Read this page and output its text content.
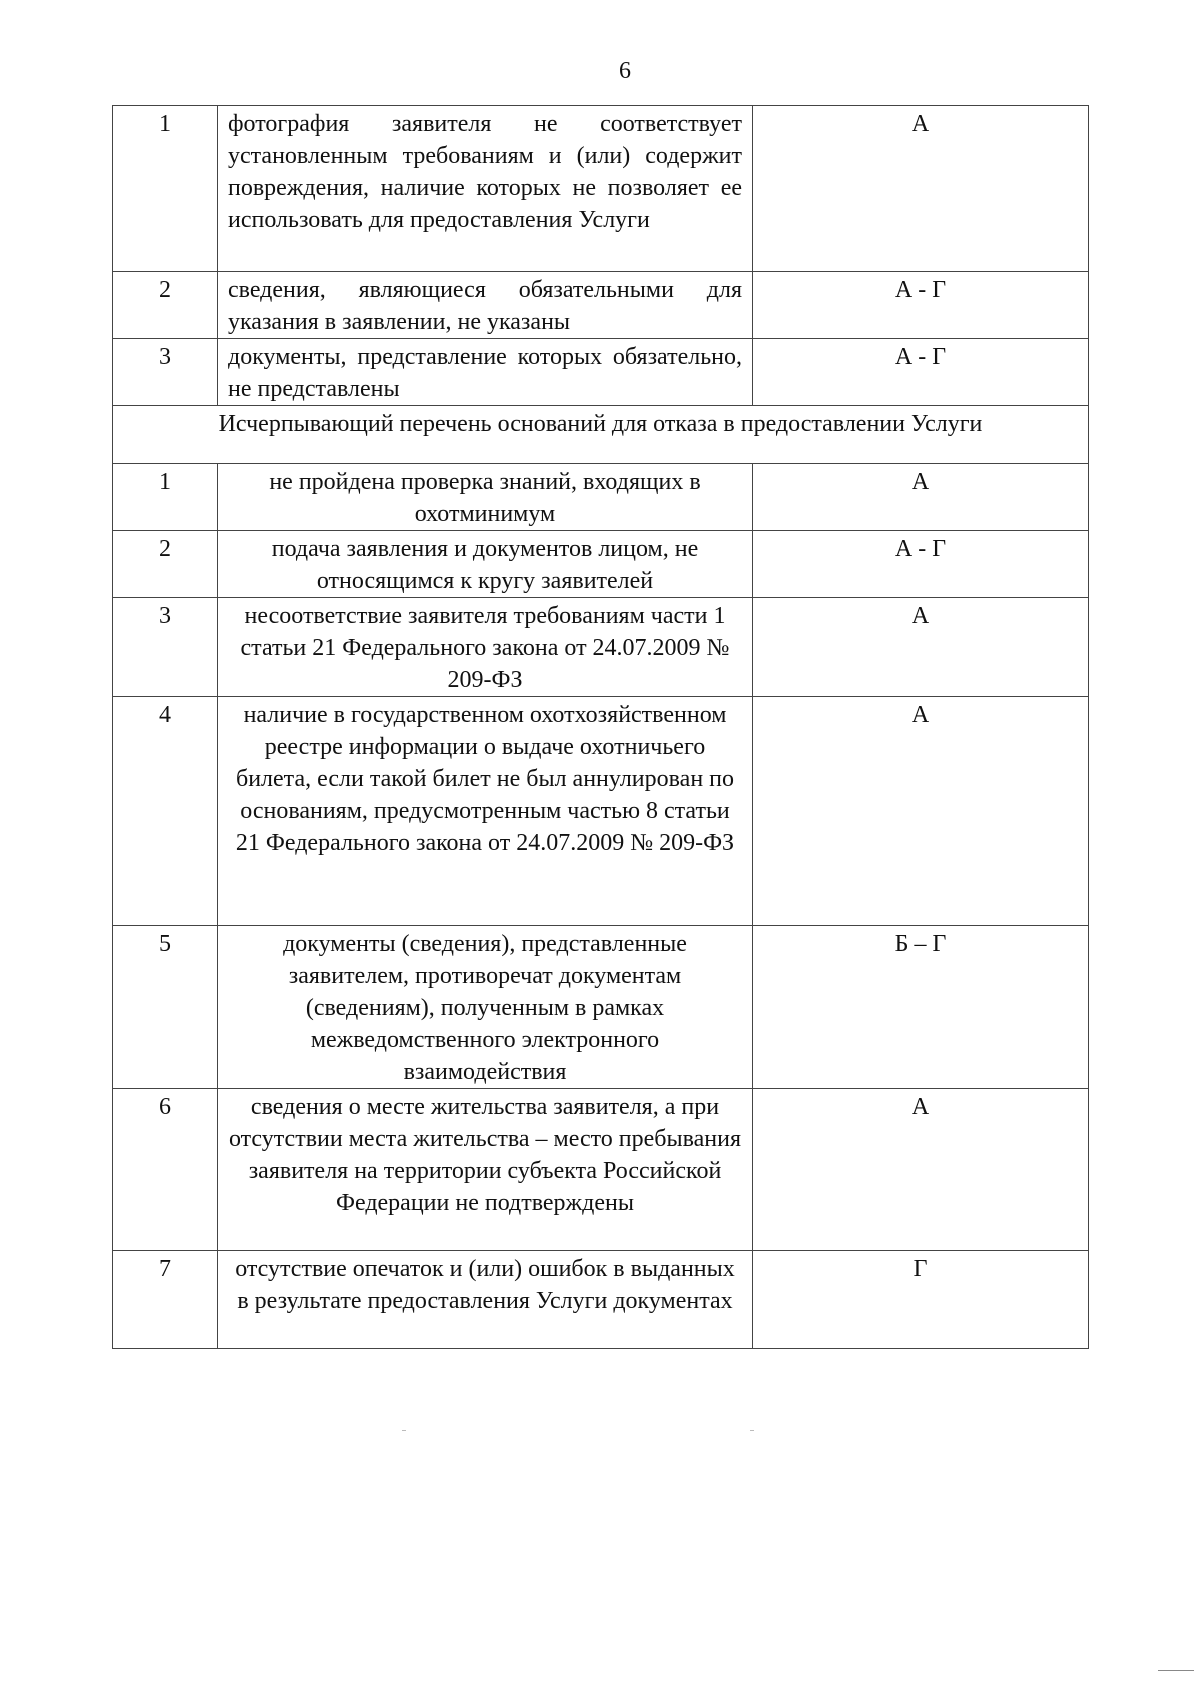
6
1	фотография заявителя не соответствует установленным требованиям и (или) содержит повреждения, наличие которых не позволяет ее использовать для предоставления Услуги	А
2	сведения, являющиеся обязательными для указания в заявлении, не указаны	А - Г
3	документы, представление которых обязательно, не представлены	А - Г
Исчерпывающий перечень оснований для отказа в предоставлении Услуги		
1	не пройдена проверка знаний, входящих в охотминимум	А
2	подача заявления и документов лицом, не относящимся к кругу заявителей	А - Г
3	несоответствие заявителя требованиям части 1 статьи 21 Федерального закона от 24.07.2009 № 209-ФЗ	А
4	наличие в государственном охотхозяйственном реестре информации о выдаче охотничьего билета, если такой билет не был аннулирован по основаниям, предусмотренным частью 8 статьи 21 Федерального закона от 24.07.2009 № 209-ФЗ	А
5	документы (сведения), представленные заявителем, противоречат документам (сведениям), полученным в рамках межведомственного электронного взаимодействия	Б – Г
6	сведения о месте жительства заявителя, а при отсутствии места жительства – место пребывания заявителя на территории субъекта Российской Федерации не подтверждены	А
7	отсутствие опечаток и (или) ошибок в выданных в результате предоставления Услуги документах	Г
